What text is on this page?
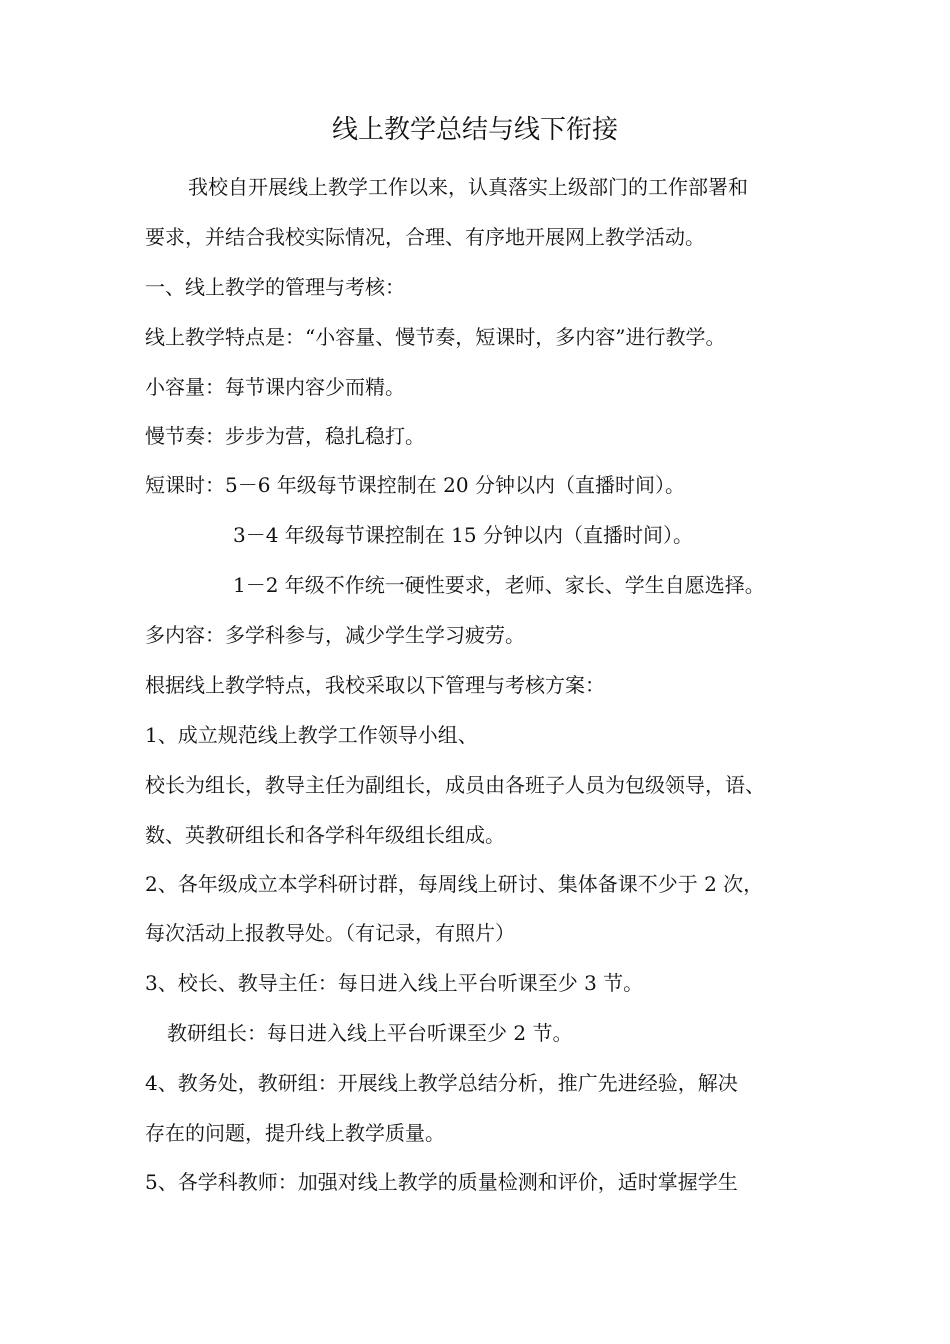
线上教学总结与线下衔接
我校自开展线上教学工作以来，认真落实上级部门的工作部署和
要求，并结合我校实际情况，合理、有序地开展网上教学活动。
一、线上教学的管理与考核：
线上教学特点是：“小容量、慢节奏，短课时，多内容”进行教学。
小容量：每节课内容少而精。
慢节奏：步步为营，稳扎稳打。
短课时：5－6 年级每节课控制在 20 分钟以内（直播时间）。
3－4 年级每节课控制在 15 分钟以内（直播时间）。
1－2 年级不作统一硬性要求，老师、家长、学生自愿选择。
多内容：多学科参与，减少学生学习疲劳。
根据线上教学特点，我校采取以下管理与考核方案：
1、成立规范线上教学工作领导小组、
校长为组长，教导主任为副组长，成员由各班子人员为包级领导，语、
数、英教研组长和各学科年级组长组成。
2、各年级成立本学科研讨群，每周线上研讨、集体备课不少于 2 次，
每次活动上报教导处。（有记录，有照片）
3、校长、教导主任：每日进入线上平台听课至少 3 节。
教研组长：每日进入线上平台听课至少 2 节。
4、教务处，教研组：开展线上教学总结分析，推广先进经验，解决
存在的问题，提升线上教学质量。
5、各学科教师：加强对线上教学的质量检测和评价，适时掌握学生
